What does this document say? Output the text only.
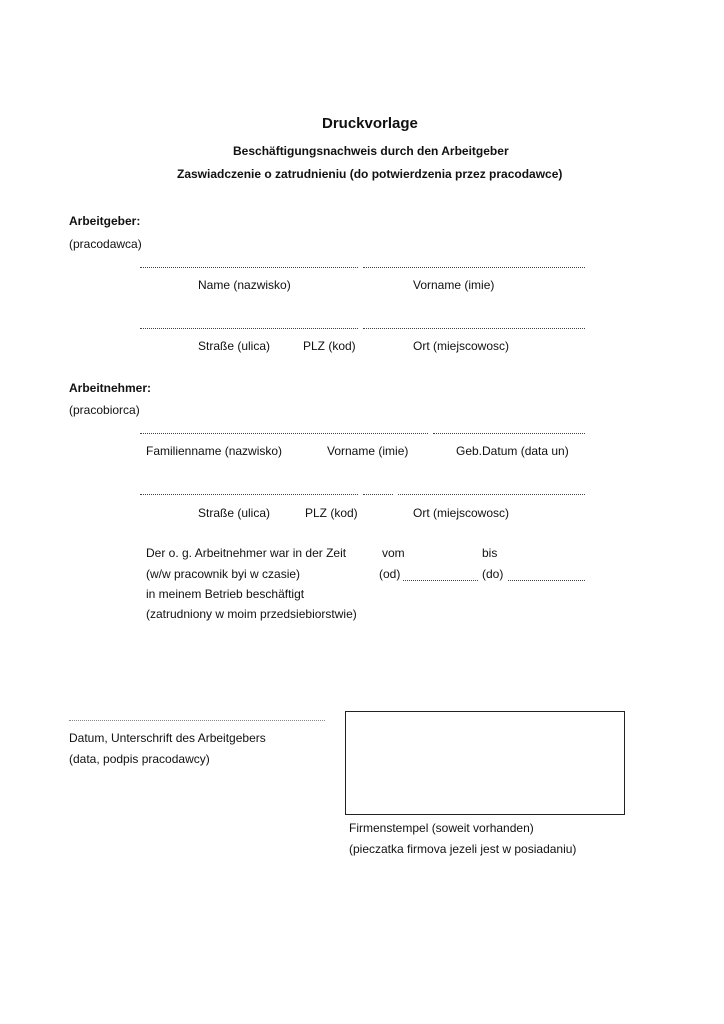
Druckvorlage
Beschäftigungsnachweis durch den Arbeitgeber
Zaswiadczenie o zatrudnieniu (do potwierdzenia przez pracodawce)
Arbeitgeber:
(pracodawca)
Name (nazwisko)	Vorname (imie)
Straße (ulica)	PLZ (kod)	Ort (miejscowosc)
Arbeitnehmer:
(pracobiorca)
Familienname (nazwisko)	Vorname (imie)	Geb.Datum (data un)
Straße (ulica)	PLZ (kod)	Ort (miejscowosc)
Der o. g. Arbeitnehmer war in der Zeit	vom	bis
(w/w pracownik byi w czasie)	(od)	(do)
in meinem Betrieb beschäftigt
(zatrudniony w moim przedsiebiorstwie)
Datum, Unterschrift des Arbeitgebers
(data, podpis pracodawcy)
Firmenstempel (soweit vorhanden)
(pieczatka firmova jezeli jest w posiadaniu)
